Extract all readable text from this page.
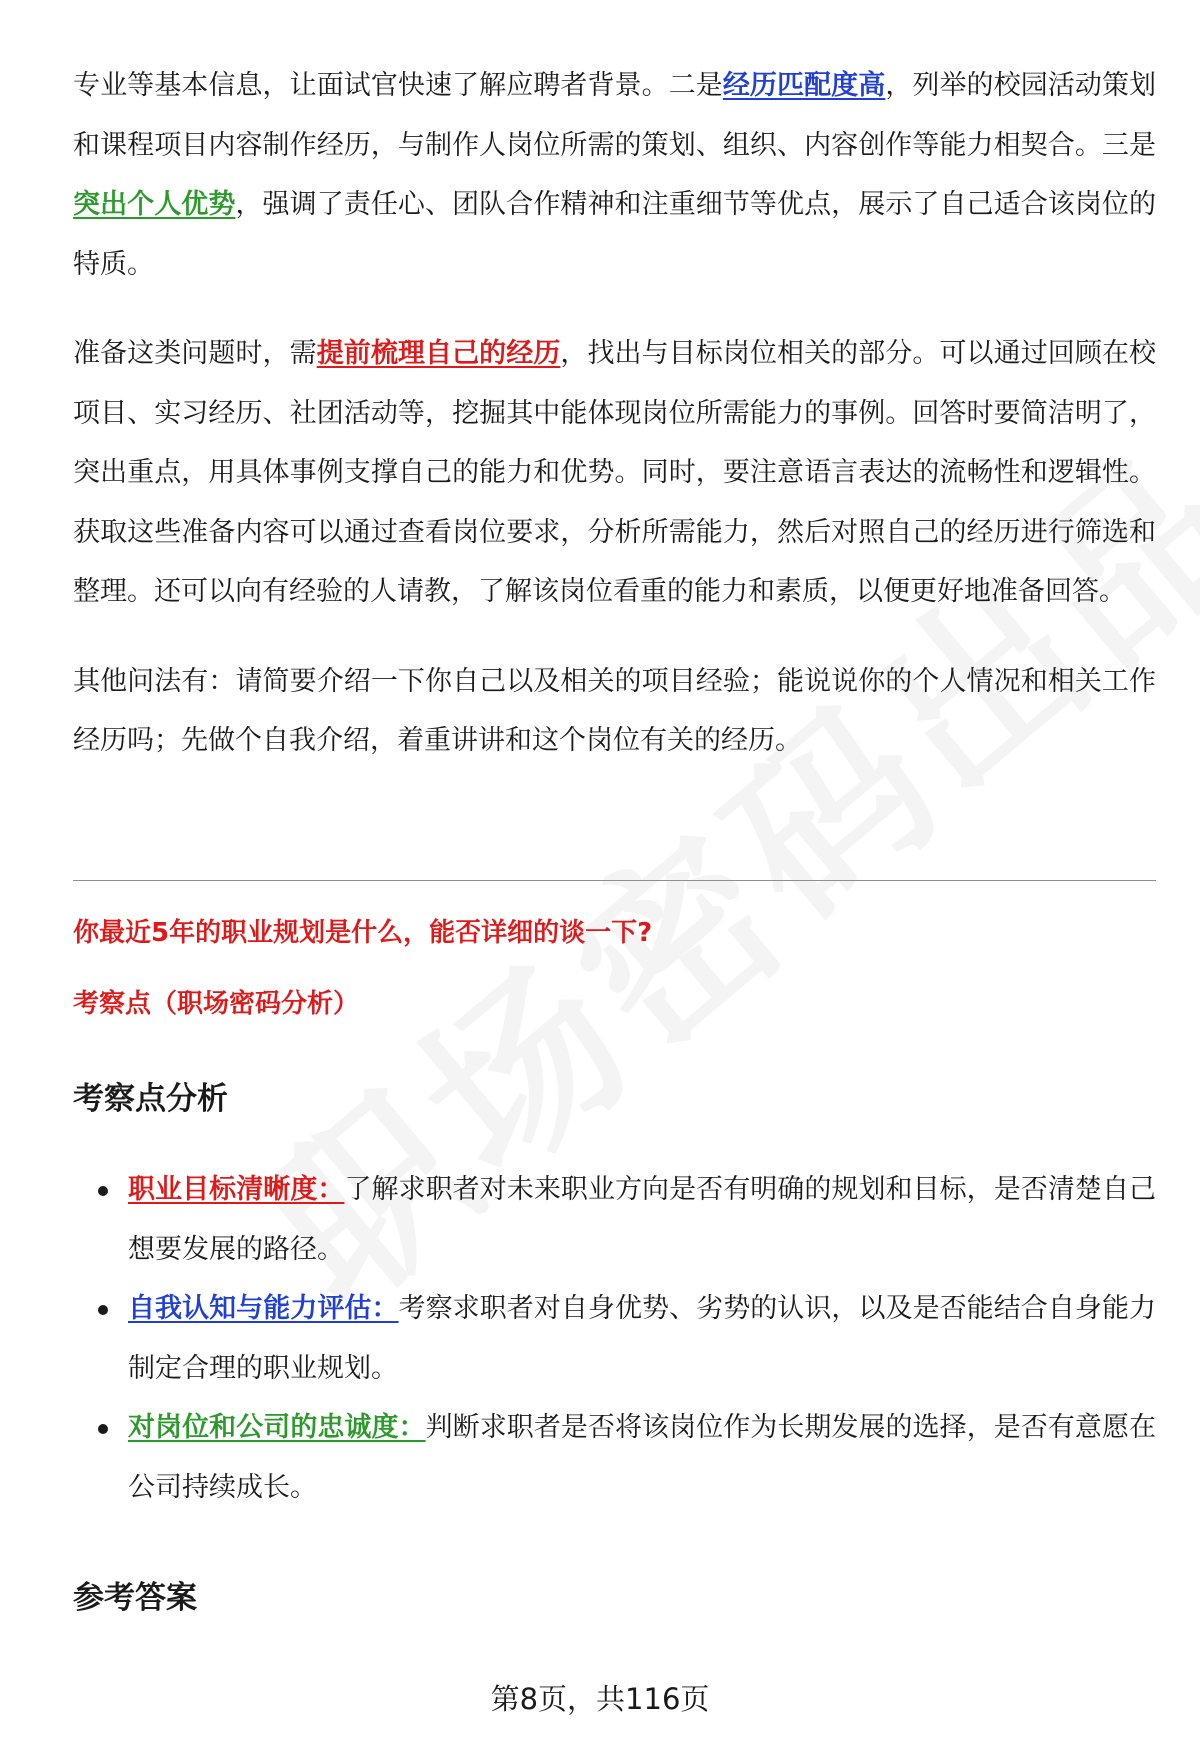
专业等基本信息，让面试官快速了解应聘者背景。二是经历匹配度高，列举的校园活动策划和课程项目内容制作经历，与制作人岗位所需的策划、组织、内容创作等能力相契合。三是突出个人优势，强调了责任心、团队合作精神和注重细节等优点，展示了自己适合该岗位的特质。

准备这类问题时，需提前梳理自己的经历，找出与目标岗位相关的部分。可以通过回顾在校项目、实习经历、社团活动等，挖掘其中能体现岗位所需能力的事例。回答时要简洁明了，突出重点，用具体事例支撑自己的能力和优势。同时，要注意语言表达的流畅性和逻辑性。获取这些准备内容可以通过查看岗位要求，分析所需能力，然后对照自己的经历进行筛选和整理。还可以向有经验的人请教，了解该岗位看重的能力和素质，以便更好地准备回答。

其他问法有：请简要介绍一下你自己以及相关的项目经验；能说说你的个人情况和相关工作经历吗；先做个自我介绍，着重讲讲和这个岗位有关的经历。

你最近5年的职业规划是什么，能否详细的谈一下?

考察点（职场密码分析）

考察点分析
职业目标清晰度：了解求职者对未来职业方向是否有明确的规划和目标，是否清楚自己想要发展的路径。
自我认知与能力评估：考察求职者对自身优势、劣势的认识，以及是否能结合自身能力制定合理的职业规划。
对岗位和公司的忠诚度：判断求职者是否将该岗位作为长期发展的选择，是否有意愿在公司持续成长。
参考答案
第8页，共116页
